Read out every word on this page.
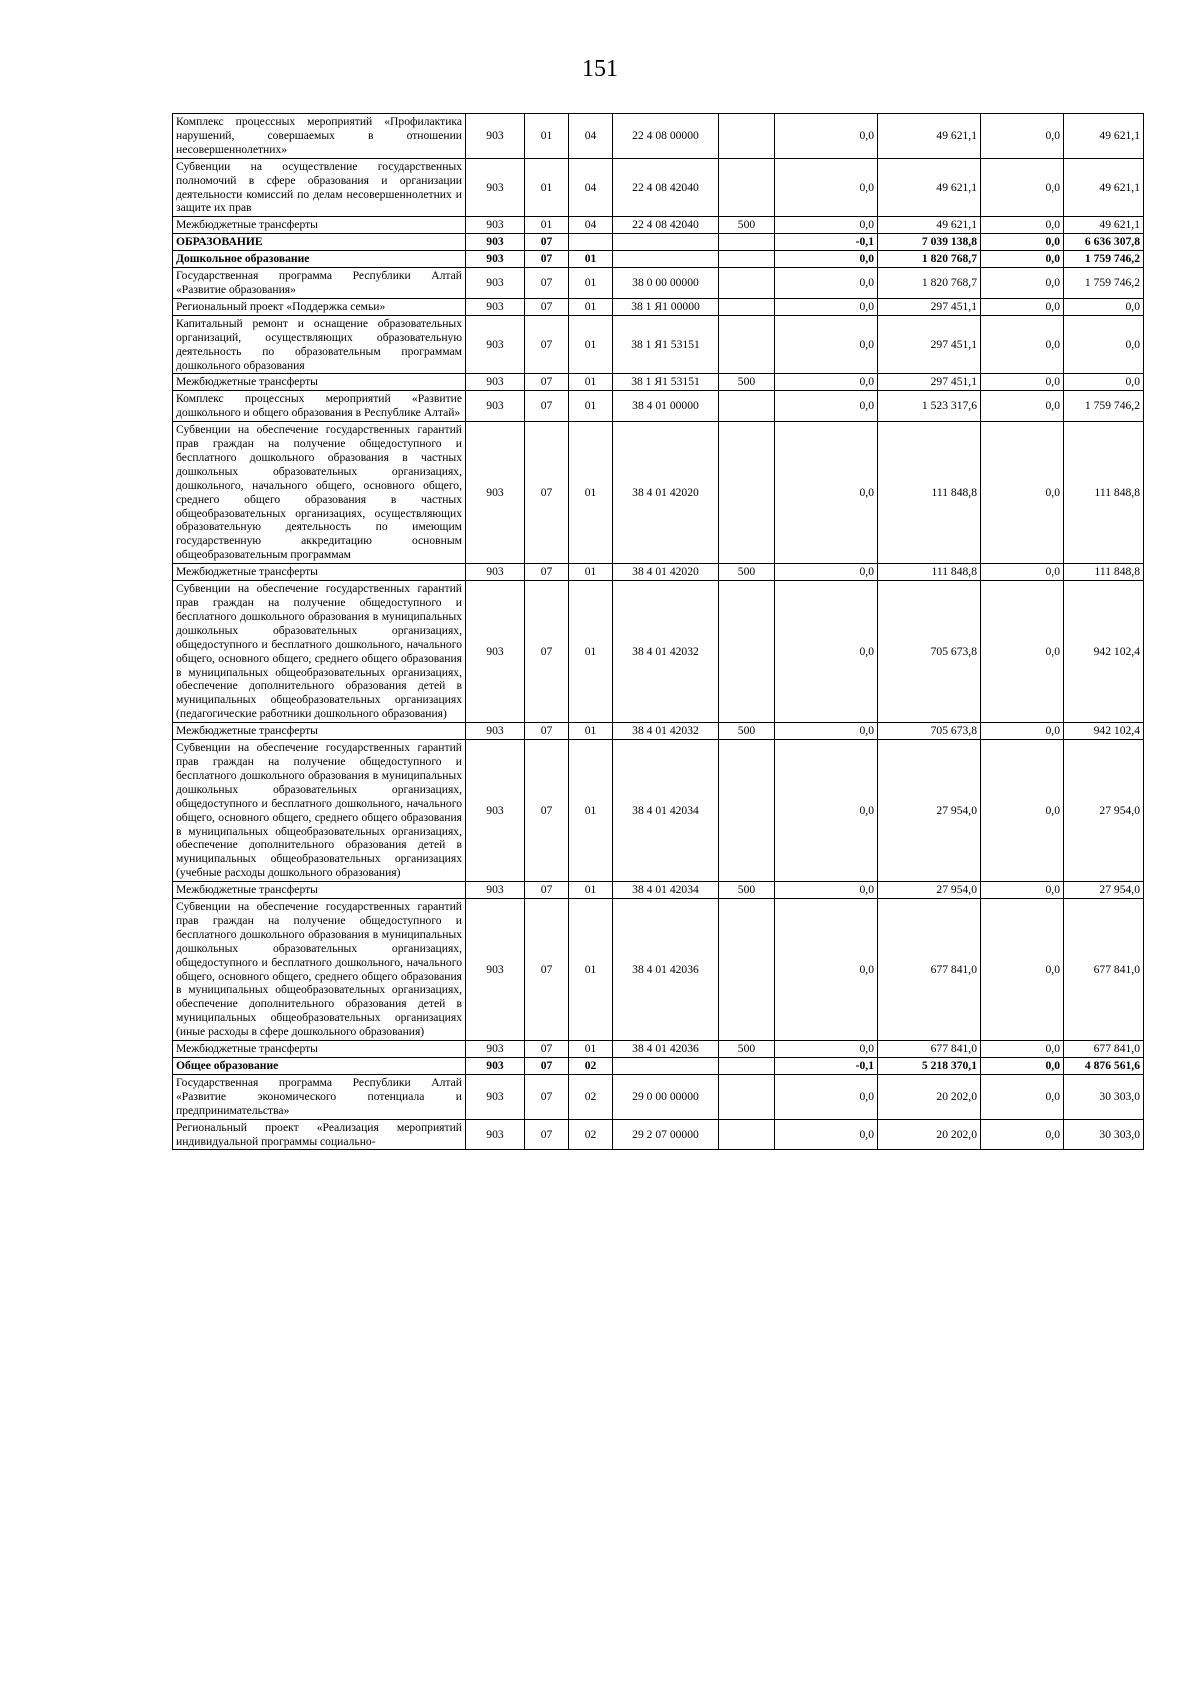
151
Комплекс процессных мероприятий «Профилактика нарушений, совершаемых в отношении несовершеннолетних»	903	01	04	22 4 08 00000		0,0	49 621,1	0,0	49 621,1
Субвенции на осуществление государственных полномочий в сфере образования и организации деятельности комиссий по делам несовершеннолетних и защите их прав	903	01	04	22 4 08 42040		0,0	49 621,1	0,0	49 621,1
Межбюджетные трансферты	903	01	04	22 4 08 42040	500	0,0	49 621,1	0,0	49 621,1
ОБРАЗОВАНИЕ	903	07				-0,1	7 039 138,8	0,0	6 636 307,8
Дошкольное образование	903	07	01			0,0	1 820 768,7	0,0	1 759 746,2
Государственная программа Республики Алтай «Развитие образования»	903	07	01	38 0 00 00000		0,0	1 820 768,7	0,0	1 759 746,2
Региональный проект «Поддержка семьи»	903	07	01	38 1 Я1 00000		0,0	297 451,1	0,0	0,0
Капитальный ремонт и оснащение образовательных организаций, осуществляющих образовательную деятельность по образовательным программам дошкольного образования	903	07	01	38 1 Я1 53151		0,0	297 451,1	0,0	0,0
Межбюджетные трансферты	903	07	01	38 1 Я1 53151	500	0,0	297 451,1	0,0	0,0
Комплекс процессных мероприятий «Развитие дошкольного и общего образования в Республике Алтай»	903	07	01	38 4 01 00000		0,0	1 523 317,6	0,0	1 759 746,2
Субвенции на обеспечение государственных гарантий прав граждан на получение общедоступного и бесплатного дошкольного образования в частных дошкольных образовательных организациях, дошкольного, начального общего, основного общего, среднего общего образования в частных общеобразовательных организациях, осуществляющих образовательную деятельность по имеющим государственную аккредитацию основным общеобразовательным программам	903	07	01	38 4 01 42020		0,0	111 848,8	0,0	111 848,8
Межбюджетные трансферты	903	07	01	38 4 01 42020	500	0,0	111 848,8	0,0	111 848,8
Субвенции на обеспечение государственных гарантий прав граждан на получение общедоступного и бесплатного дошкольного образования в муниципальных дошкольных образовательных организациях, общедоступного и бесплатного дошкольного, начального общего, основного общего, среднего общего образования в муниципальных общеобразовательных организациях, обеспечение дополнительного образования детей в муниципальных общеобразовательных организациях (педагогические работники дошкольного образования)	903	07	01	38 4 01 42032		0,0	705 673,8	0,0	942 102,4
Межбюджетные трансферты	903	07	01	38 4 01 42032	500	0,0	705 673,8	0,0	942 102,4
Субвенции на обеспечение государственных гарантий прав граждан на получение общедоступного и бесплатного дошкольного образования в муниципальных дошкольных образовательных организациях, общедоступного и бесплатного дошкольного, начального общего, основного общего, среднего общего образования в муниципальных общеобразовательных организациях, обеспечение дополнительного образования детей в муниципальных общеобразовательных организациях (учебные расходы дошкольного образования)	903	07	01	38 4 01 42034		0,0	27 954,0	0,0	27 954,0
Межбюджетные трансферты	903	07	01	38 4 01 42034	500	0,0	27 954,0	0,0	27 954,0
Субвенции на обеспечение государственных гарантий прав граждан на получение общедоступного и бесплатного дошкольного образования в муниципальных дошкольных образовательных организациях, общедоступного и бесплатного дошкольного, начального общего, основного общего, среднего общего образования в муниципальных общеобразовательных организациях, обеспечение дополнительного образования детей в муниципальных общеобразовательных организациях (иные расходы в сфере дошкольного образования)	903	07	01	38 4 01 42036		0,0	677 841,0	0,0	677 841,0
Межбюджетные трансферты	903	07	01	38 4 01 42036	500	0,0	677 841,0	0,0	677 841,0
Общее образование	903	07	02			-0,1	5 218 370,1	0,0	4 876 561,6
Государственная программа Республики Алтай «Развитие экономического потенциала и предпринимательства»	903	07	02	29 0 00 00000		0,0	20 202,0	0,0	30 303,0
Региональный проект «Реализация мероприятий индивидуальной программы социально-	903	07	02	29 2 07 00000		0,0	20 202,0	0,0	30 303,0
